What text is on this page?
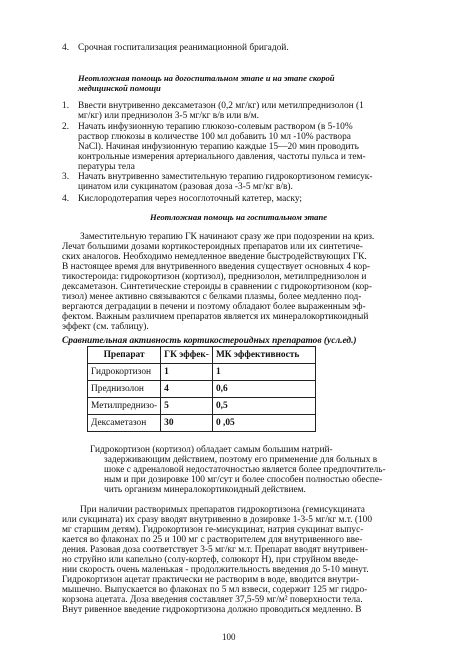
4. Срочная госпитализация реанимационной бригадой.
Неотложная помощь на догоспитальном этапе и на этапе скорой
медицинской помощи
1. Ввести внутривенно дексаметазон (0,2 мг/кг) или метилпреднизолон (1
мг/кг) или преднизолон 3-5 мг/кг в/в или в/м.
2. Начать инфузионную терапию глюкозо-солевым раствором (в 5-10%
раствор глюкозы в количестве 100 мл добавить 10 мл -10% раствора
NaCl). Начиная инфузионную терапию каждые 15—20 мин проводить
контрольные измерения артериального давления, частоты пульса и тем-
пературы тела
3. Начать внутривенно заместительную терапию гидрокортизоном гемисук-
цинатом или сукцинатом (разовая доза -3-5 мг/кг в/в).
4. Кислородотерапия через носоглоточный катетер, маску;
Неотложная помощь на госпитальном этапе
Заместительную терапию ГК начинают сразу же при подозрении на криз.
Лечат большими дозами кортикостероидных препаратов или их синтетиче-
ских аналогов. Необходимо немедленное введение быстродействующих ГК.
В настоящее время для внутривенного введения существует основных 4 кор-
тикостероида: гидрокортизон (кортизол), преднизолон, метилпреднизолон и
дексаметазон. Синтетические стероиды в сравнении с гидрокортизоном (кор-
тизол) менее активно связываются с белками плазмы, более медленно под-
вергаются деградации в печени и поэтому обладают более выраженным эф-
фектом. Важным различием препаратов является их минералокортикоидный
эффект (см. таблицу).
Сравнительная активность кортикостероидных препаратов (усл.ед.)
Препарат	ГК эффек-	МК эффективность
Гидрокортизон	1	1
Преднизолон	4	0,6
Метилпреднизо-	5	0,5
Дексаметазон	30	0 ,05
Гидрокортизон (кортизол) обладает самым большим натрий-
задерживающим действием, поэтому его применение для больных в
шоке с адреналовой недостаточностью является более предпочтитель-
ным и при дозировке 100 мг/сут и более способен полностью обеспе-
чить организм минералокортикоидный действием.
При наличии растворимых препаратов гидрокортизона (гемисукцината
или сукцината) их сразу вводят внутривенно в дозировке 1-3-5 мг/кг м.т. (100
мг старшим детям). Гидрокортизон ге-мисукцинат, натрия сукцинат выпус-
кается во флаконах по 25 и 100 мг с растворителем для внутривенного вве-
дения. Разовая доза соответствует 3-5 мг/кг м.т. Препарат вводят внутривен-
но струйно или капельно (солу-кортеф, солюкорт Н), при струйном введе-
нии скорость очень маленькая - продолжительность введения до 5-10 минут.
Гидрокортизон ацетат практически не растворим в воде, вводится внутри-
мышечно. Выпускается во флаконах по 5 мл взвеси, содержит 125 мг гидро-
корзона ацетата. Доза введения составляет 37,5-59 мг/м² поверхности тела.
Внут ривенное введение гидрокортизона должно проводиться медленно. В
100
